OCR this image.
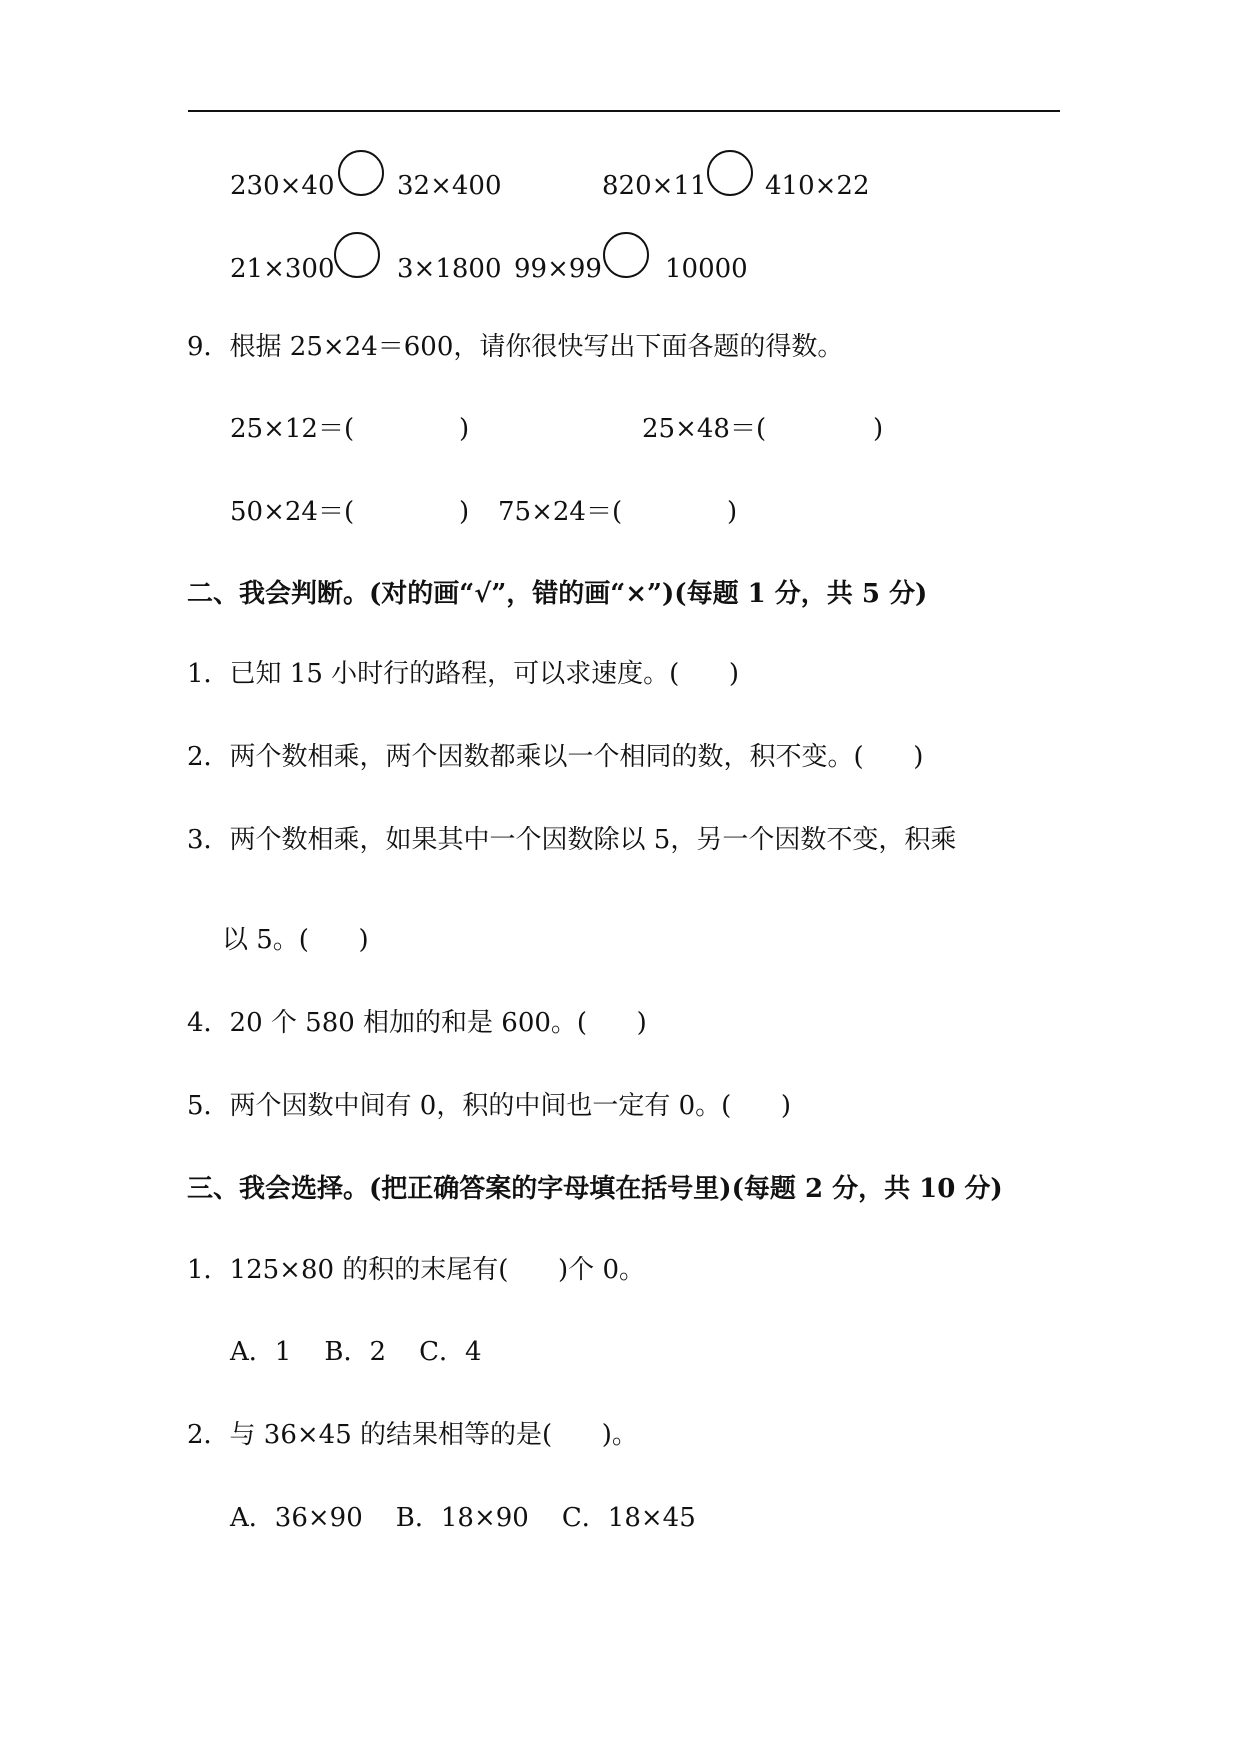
230×40 32×400	820×11 410×22
21×300 3×1800 99×99 10000
9．根据 25×24＝600，请你很快写出下面各题的得数。
25×12＝(	)	25×48＝(	)
50×24＝(	) 75×24＝(	)
二、我会判断。(对的画“√”，错的画“×”)(每题 1 分，共 5 分)
1．已知 15 小时行的路程，可以求速度。(      )
2．两个数相乘，两个因数都乘以一个相同的数，积不变。(      )
3．两个数相乘，如果其中一个因数除以 5，另一个因数不变，积乘
以 5。(      )
4．20 个 580 相加的和是 600。(      )
5．两个因数中间有 0，积的中间也一定有 0。(      )
三、我会选择。(把正确答案的字母填在括号里)(每题 2 分，共 10 分)
1．125×80 的积的末尾有(      )个 0。
A．1    B．2    C．4
2．与 36×45 的结果相等的是(      )。
A．36×90    B．18×90    C．18×45
